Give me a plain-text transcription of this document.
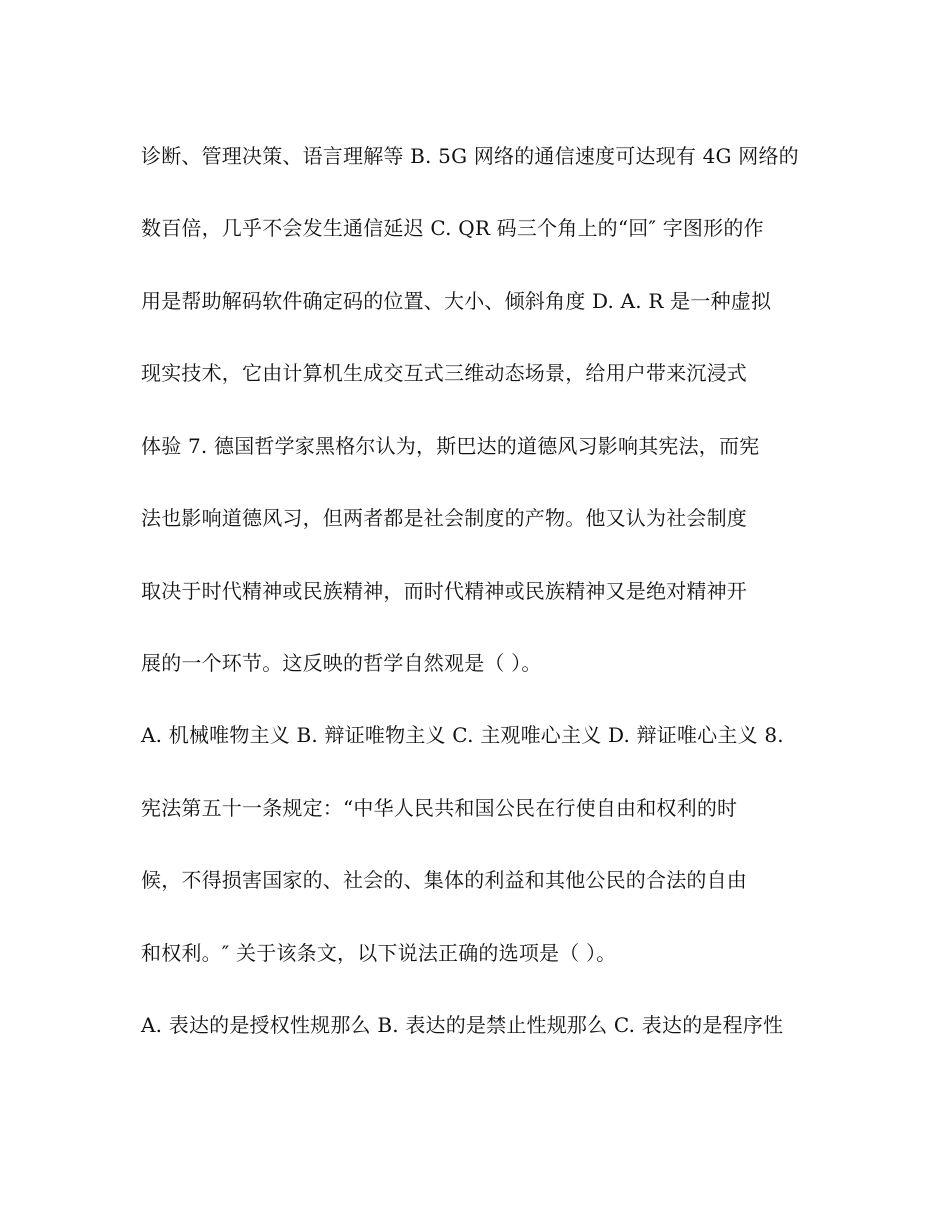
诊断、管理决策、语言理解等 B. 5G 网络的通信速度可达现有 4G 网络的
数百倍，几乎不会发生通信延迟 C. QR 码三个角上的“回″ 字图形的作
用是帮助解码软件确定码的位置、大小、倾斜角度 D. A. R 是一种虚拟
现实技术，它由计算机生成交互式三维动态场景，给用户带来沉浸式
体验 7. 德国哲学家黑格尔认为，斯巴达的道德风习影响其宪法，而宪
法也影响道德风习，但两者都是社会制度的产物。他又认为社会制度
取决于时代精神或民族精神，而时代精神或民族精神又是绝对精神开
展的一个环节。这反映的哲学自然观是（ ）。
A. 机械唯物主义 B. 辩证唯物主义 C. 主观唯心主义 D. 辩证唯心主义 8.
宪法第五十一条规定：“中华人民共和国公民在行使自由和权利的时
候，不得损害国家的、社会的、集体的利益和其他公民的合法的自由
和权利。″ 关于该条文，以下说法正确的选项是（ ）。
A. 表达的是授权性规那么 B. 表达的是禁止性规那么 C. 表达的是程序性
